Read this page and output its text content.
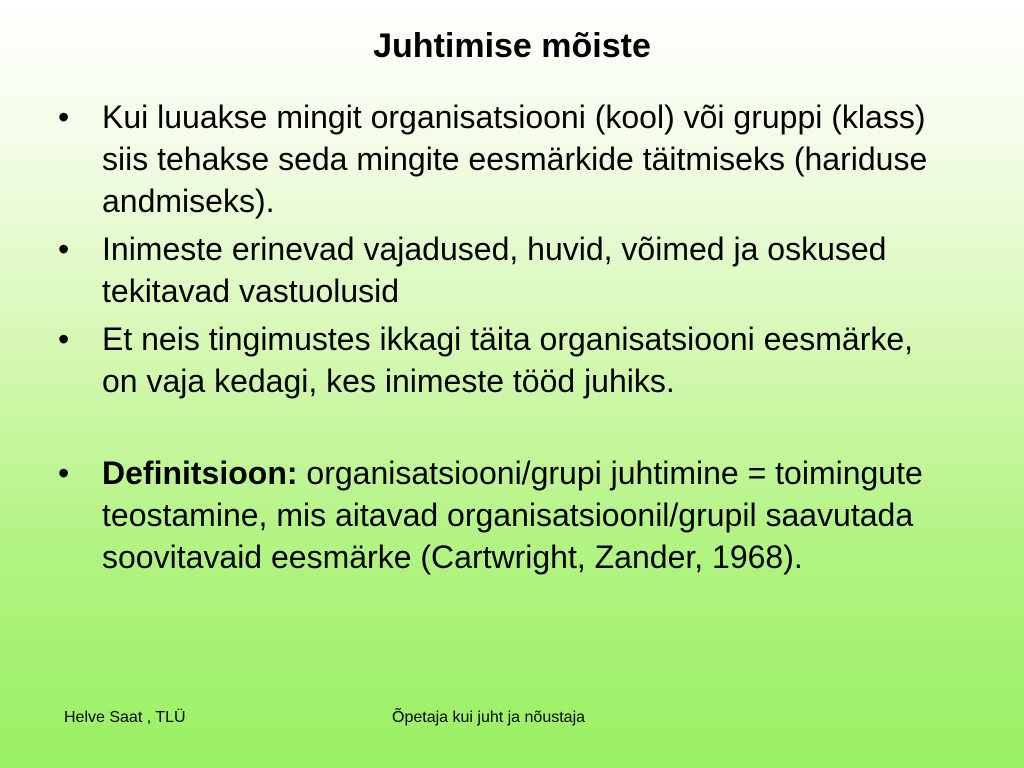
Juhtimise mõiste
•	Kui luuakse mingit organisatsiooni (kool) või gruppi (klass) siis tehakse seda mingite eesmärkide täitmiseks (hariduse andmiseks).
•	Inimeste erinevad vajadused, huvid, võimed ja oskused tekitavad vastuolusid
•	Et neis tingimustes ikkagi täita organisatsiooni eesmärke, on vaja kedagi, kes inimeste tööd juhiks.
•	Definitsioon: organisatsiooni/grupi juhtimine = toimingute teostamine, mis aitavad organisatsioonil/grupil saavutada soovitavaid eesmärke (Cartwright, Zander, 1968).
Helve Saat , TLÜ	Õpetaja kui juht ja nõustaja
